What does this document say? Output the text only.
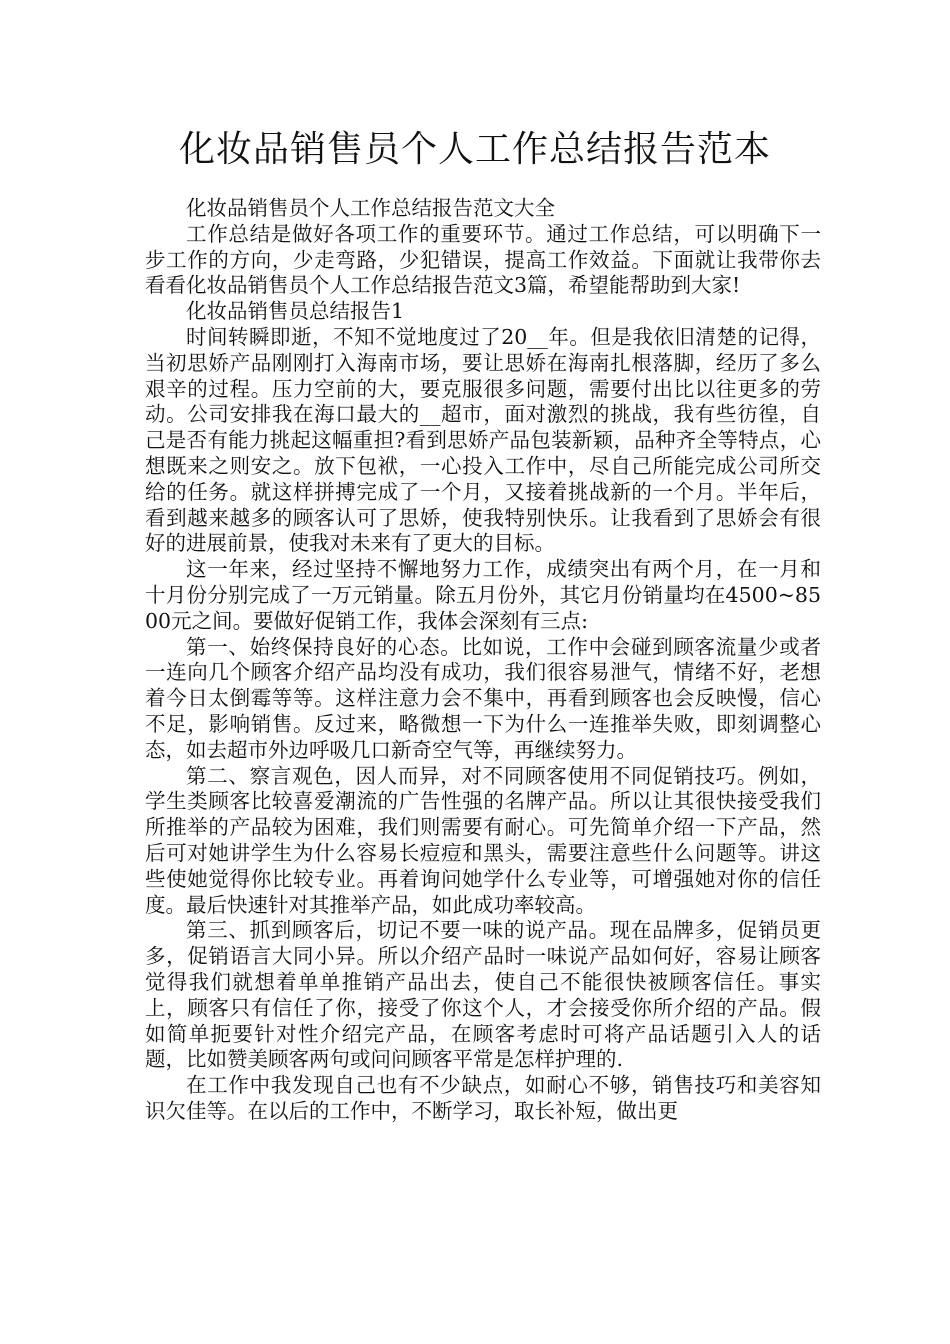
化妆品销售员个人工作总结报告范本

化妆品销售员个人工作总结报告范文大全

工作总结是做好各项工作的重要环节。通过工作总结，可以明确下一步工作的方向，少走弯路，少犯错误，提高工作效益。下面就让我带你去看看化妆品销售员个人工作总结报告范文3篇，希望能帮助到大家!

化妆品销售员总结报告1

时间转瞬即逝，不知不觉地度过了20__年。但是我依旧清楚的记得，当初思娇产品刚刚打入海南市场，要让思娇在海南扎根落脚，经历了多么艰辛的过程。压力空前的大，要克服很多问题，需要付出比以往更多的劳动。公司安排我在海口最大的__超市，面对激烈的挑战，我有些彷徨，自己是否有能力挑起这幅重担?看到思娇产品包装新颖，品种齐全等特点，心想既来之则安之。放下包袱，一心投入工作中，尽自己所能完成公司所交给的任务。就这样拼搏完成了一个月，又接着挑战新的一个月。半年后，看到越来越多的顾客认可了思娇，使我特别快乐。让我看到了思娇会有很好的进展前景，使我对未来有了更大的目标。

这一年来，经过坚持不懈地努力工作，成绩突出有两个月，在一月和十月份分别完成了一万元销量。除五月份外，其它月份销量均在4500~8500元之间。要做好促销工作，我体会深刻有三点:

第一、始终保持良好的心态。比如说，工作中会碰到顾客流量少或者一连向几个顾客介绍产品均没有成功，我们很容易泄气，情绪不好，老想着今日太倒霉等等。这样注意力会不集中，再看到顾客也会反映慢，信心不足，影响销售。反过来，略微想一下为什么一连推举失败，即刻调整心态，如去超市外边呼吸几口新奇空气等，再继续努力。

第二、察言观色，因人而异，对不同顾客使用不同促销技巧。例如，学生类顾客比较喜爱潮流的广告性强的名牌产品。所以让其很快接受我们所推举的产品较为困难，我们则需要有耐心。可先简单介绍一下产品，然后可对她讲学生为什么容易长痘痘和黑头，需要注意些什么问题等。讲这些使她觉得你比较专业。再着询问她学什么专业等，可增强她对你的信任度。最后快速针对其推举产品，如此成功率较高。

第三、抓到顾客后，切记不要一味的说产品。现在品牌多，促销员更多，促销语言大同小异。所以介绍产品时一味说产品如何好，容易让顾客觉得我们就想着单单推销产品出去，使自己不能很快被顾客信任。事实上，顾客只有信任了你，接受了你这个人，才会接受你所介绍的产品。假如简单扼要针对性介绍完产品，在顾客考虑时可将产品话题引入人的话题，比如赞美顾客两句或问问顾客平常是怎样护理的.

在工作中我发现自己也有不少缺点，如耐心不够，销售技巧和美容知识欠佳等。在以后的工作中，不断学习，取长补短，做出更
